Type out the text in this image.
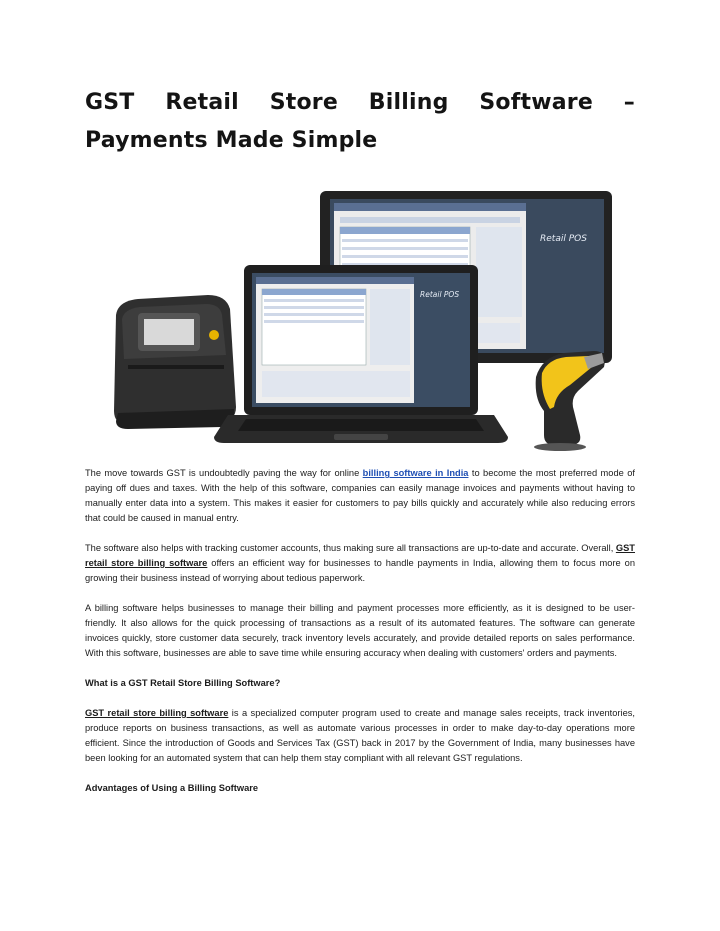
GST Retail Store Billing Software – Payments Made Simple
Retail POS
Retail POS

The move towards GST is undoubtedly paving the way for online billing software in India to become the most preferred mode of paying off dues and taxes. With the help of this software, companies can easily manage invoices and payments without having to manually enter data into a system. This makes it easier for customers to pay bills quickly and accurately while also reducing errors that could be caused in manual entry.

The software also helps with tracking customer accounts, thus making sure all transactions are up-to-date and accurate. Overall, GST retail store billing software offers an efficient way for businesses to handle payments in India, allowing them to focus more on growing their business instead of worrying about tedious paperwork.

A billing software helps businesses to manage their billing and payment processes more efficiently, as it is designed to be user-friendly. It also allows for the quick processing of transactions as a result of its automated features. The software can generate invoices quickly, store customer data securely, track inventory levels accurately, and provide detailed reports on sales performance. With this software, businesses are able to save time while ensuring accuracy when dealing with customers' orders and payments.

What is a GST Retail Store Billing Software?

GST retail store billing software is a specialized computer program used to create and manage sales receipts, track inventories, produce reports on business transactions, as well as automate various processes in order to make day-to-day operations more efficient. Since the introduction of Goods and Services Tax (GST) back in 2017 by the Government of India, many businesses have been looking for an automated system that can help them stay compliant with all relevant GST regulations.

Advantages of Using a Billing Software
